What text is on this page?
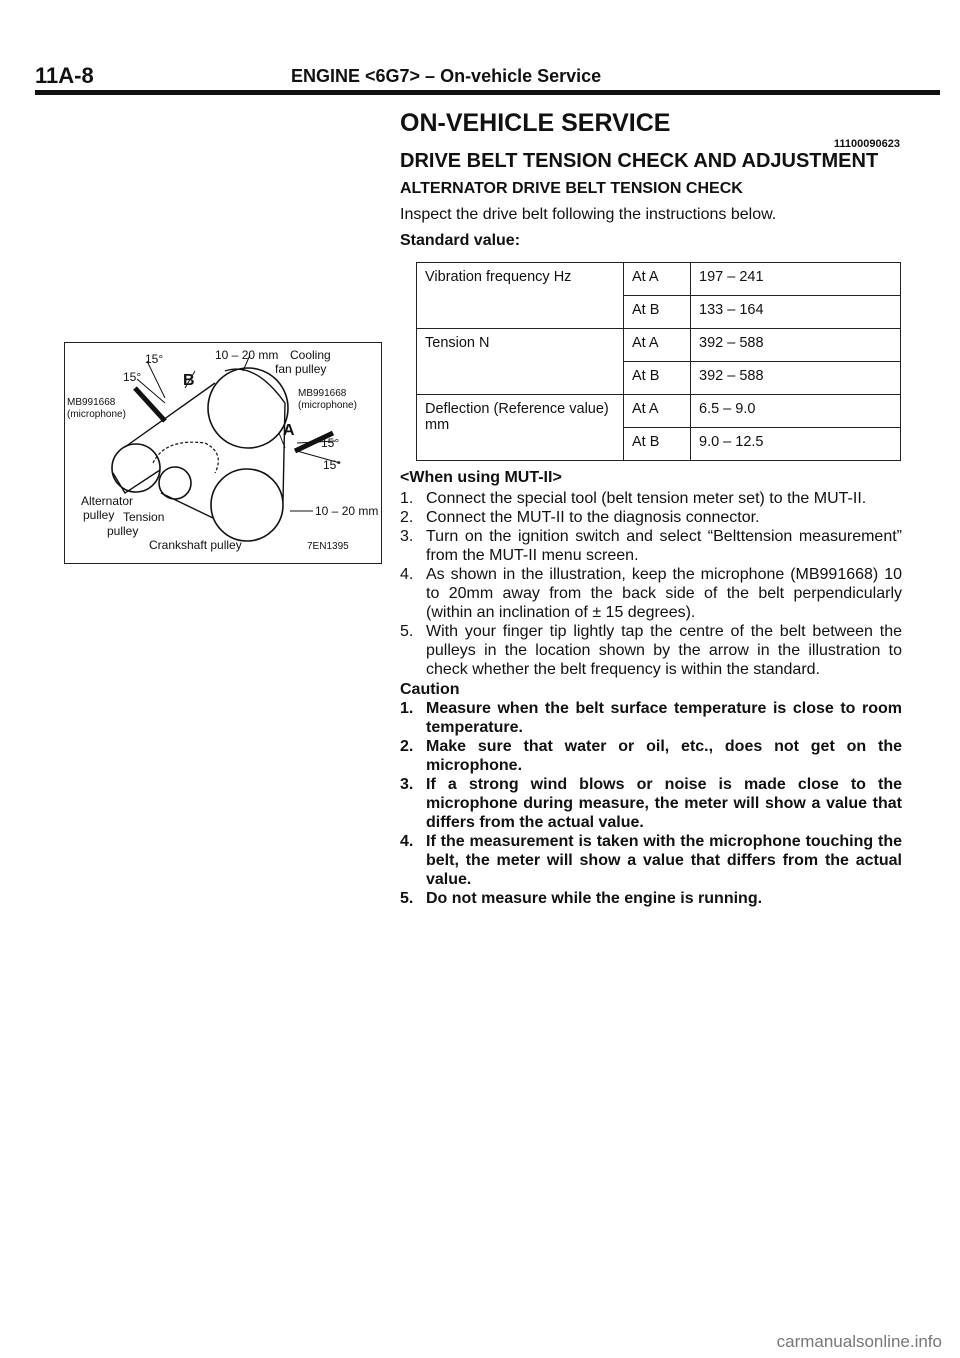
11A-8	ENGINE <6G7> – On-vehicle Service
10 – 20 mm Cooling
fan pulley
15°
15°	B
MB991668
(microphone)
MB991668
(microphone)
A
15°
15°
Alternator
pulley Tension
pulley
10 – 20 mm
Crankshaft pulley	7EN1395
ON-VEHICLE SERVICE
11100090623
DRIVE BELT TENSION CHECK AND ADJUSTMENT
ALTERNATOR DRIVE BELT TENSION CHECK

Inspect the drive belt following the instructions below.

Standard value:

Vibration frequency Hz	At A	197 – 241
	At B	133 – 164
Tension N	At A	392 – 588
	At B	392 – 588
Deflection (Reference value) mm	At A	6.5 – 9.0
	At B	9.0 – 12.5

<When using MUT-II>

1. Connect the special tool (belt tension meter set) to the MUT-II.
2. Connect the MUT-II to the diagnosis connector.
3. Turn on the ignition switch and select “Belttension measurement” from the MUT-II menu screen.
4. As shown in the illustration, keep the microphone (MB991668) 10 to 20mm away from the back side of the belt perpendicularly (within an inclination of ± 15 degrees).
5. With your finger tip lightly tap the centre of the belt between the pulleys in the location shown by the arrow in the illustration to check whether the belt frequency is within the standard.

Caution

1. Measure when the belt surface temperature is close to room temperature.
2. Make sure that water or oil, etc., does not get on the microphone.
3. If a strong wind blows or noise is made close to the microphone during measure, the meter will show a value that differs from the actual value.
4. If the measurement is taken with the microphone touching the belt, the meter will show a value that differs from the actual value.
5. Do not measure while the engine is running.
carmanualsonline.info
